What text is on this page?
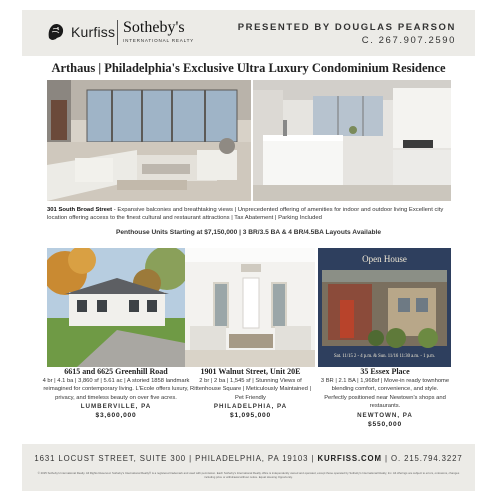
Kurfiss Sotheby's
INTERNATIONAL REALTY
PRESENTED BY DOUGLAS PEARSON
C. 267.907.2590
Arthaus | Philadelphia's Exclusive Ultra Luxury Condominium Residence
301 South Broad Street - Expansive balconies and breathtaking views | Unprecedented offering of amenities for indoor and outdoor living Excellent city location offering access to the finest cultural and restaurant attractions | Tax Abatement | Parking Included
Penthouse Units Starting at $7,150,000 | 3 BR/3.5 BA & 4 BR/4.5BA Layouts Available
Open House
Sat. 11/15 2 - 4 p.m. & Sun. 11/16 11:30 a.m. - 1 p.m.
6615 and 6625 Greenhill Road
4 br | 4.1 ba | 3,860 sf | 5.61 ac | A storied 1858 landmark reimagined for contemporary living. L'Ecole offers luxury, privacy, and timeless beauty on over five acres.
LUMBERVILLE, PA
$3,600,000
1901 Walnut Street, Unit 20E
2 br | 2 ba | 1,545 sf | Stunning Views of Rittenhouse Square | Meticulously Maintained | Pet Friendly
PHILADELPHIA, PA
$1,095,000
35 Essex Place
3 BR | 2.1 BA | 1,968sf | Move-in ready townhome blending comfort, convenience, and style. Perfectly positioned near Newtown's shops and restaurants.
NEWTOWN, PA
$550,000
1631 LOCUST STREET, SUITE 300 | PHILADELPHIA, PA 19103 | KURFISS.COM | O. 215.794.3227
© 2025 Sotheby's International Realty. All Rights Reserved. Sotheby's International Realty® is a registered trademark and used with permission. Each Sotheby's International Realty office is independently owned and operated, except those operated by Sotheby's International Realty, Inc. All offerings are subject to errors, omissions, changes including price or withdrawal without notice. Equal Housing Opportunity.
